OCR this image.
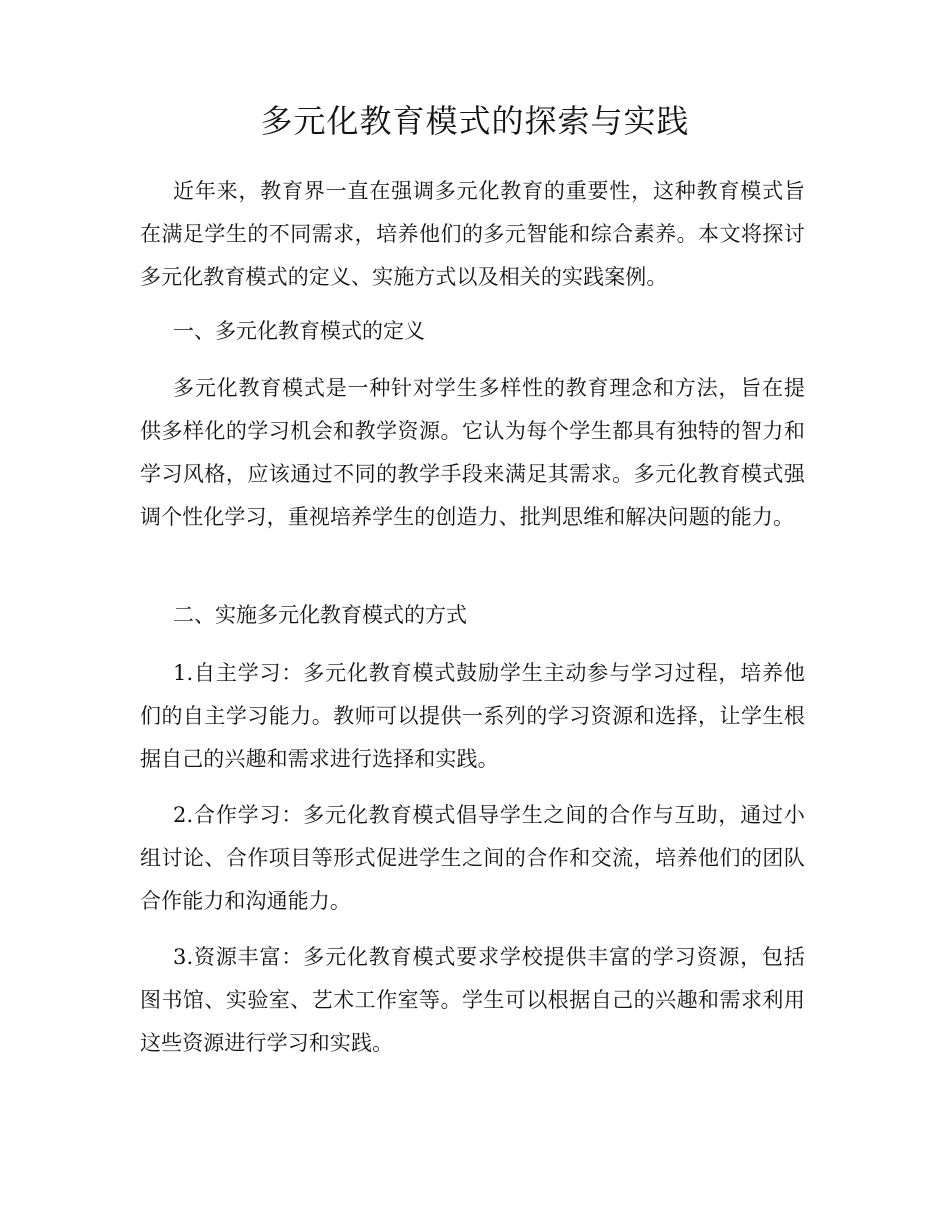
多元化教育模式的探索与实践

近年来，教育界一直在强调多元化教育的重要性，这种教育模式旨在满足学生的不同需求，培养他们的多元智能和综合素养。本文将探讨多元化教育模式的定义、实施方式以及相关的实践案例。

一、多元化教育模式的定义

多元化教育模式是一种针对学生多样性的教育理念和方法，旨在提供多样化的学习机会和教学资源。它认为每个学生都具有独特的智力和学习风格，应该通过不同的教学手段来满足其需求。多元化教育模式强调个性化学习，重视培养学生的创造力、批判思维和解决问题的能力。

二、实施多元化教育模式的方式

1.自主学习：多元化教育模式鼓励学生主动参与学习过程，培养他们的自主学习能力。教师可以提供一系列的学习资源和选择，让学生根据自己的兴趣和需求进行选择和实践。

2.合作学习：多元化教育模式倡导学生之间的合作与互助，通过小组讨论、合作项目等形式促进学生之间的合作和交流，培养他们的团队合作能力和沟通能力。

3.资源丰富：多元化教育模式要求学校提供丰富的学习资源，包括图书馆、实验室、艺术工作室等。学生可以根据自己的兴趣和需求利用这些资源进行学习和实践。
